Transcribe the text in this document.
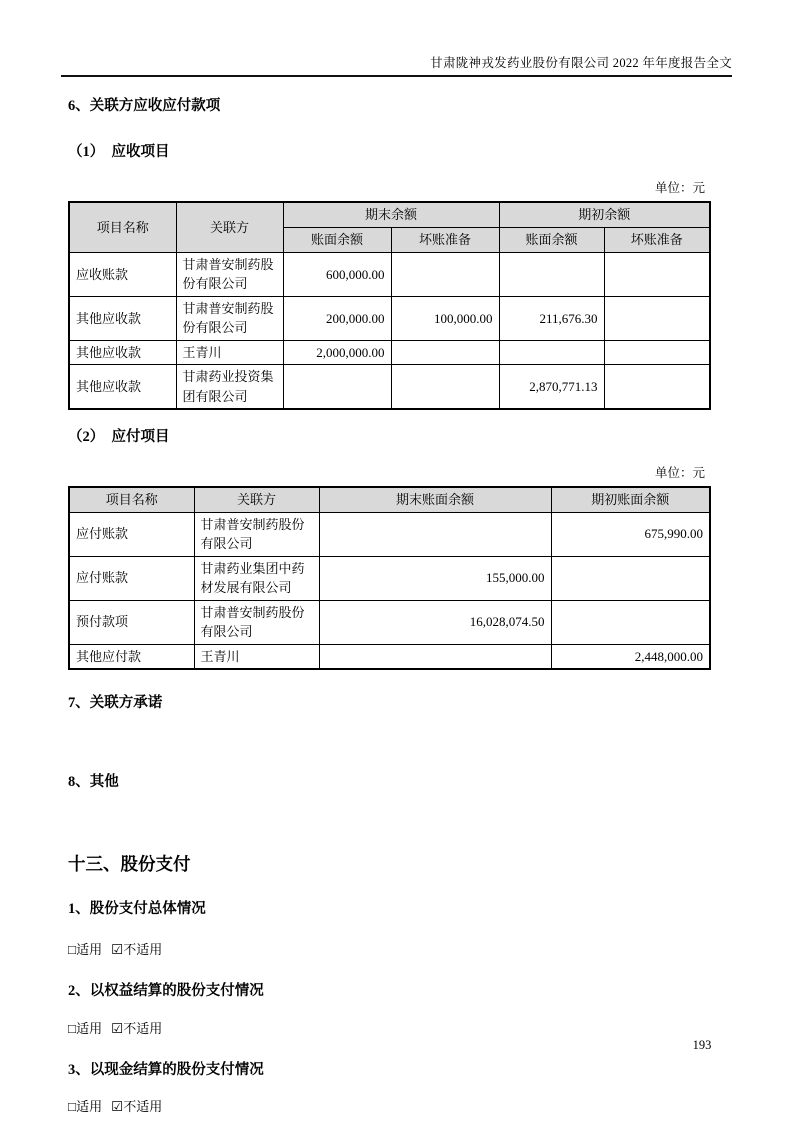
甘肃陇神戎发药业股份有限公司 2022 年年度报告全文
6、关联方应收应付款项
（1）　应收项目
单位：元
项目名称	关联方	期末余额		期初余额	
		账面余额	坏账准备	账面余额	坏账准备
应收账款	甘肃普安制药股份有限公司	600,000.00			
其他应收款	甘肃普安制药股份有限公司	200,000.00	100,000.00	211,676.30	
其他应收款	王青川	2,000,000.00			
其他应收款	甘肃药业投资集团有限公司			2,870,771.13	
（2）　应付项目
单位：元
项目名称	关联方	期末账面余额	期初账面余额
应付账款	甘肃普安制药股份有限公司		675,990.00
应付账款	甘肃药业集团中药材发展有限公司	155,000.00	
预付款项	甘肃普安制药股份有限公司	16,028,074.50	
其他应付款	王青川		2,448,000.00
7、关联方承诺
8、其他
十三、股份支付
1、股份支付总体情况
□适用 ☑不适用
2、以权益结算的股份支付情况
□适用 ☑不适用
3、以现金结算的股份支付情况
□适用 ☑不适用
193
